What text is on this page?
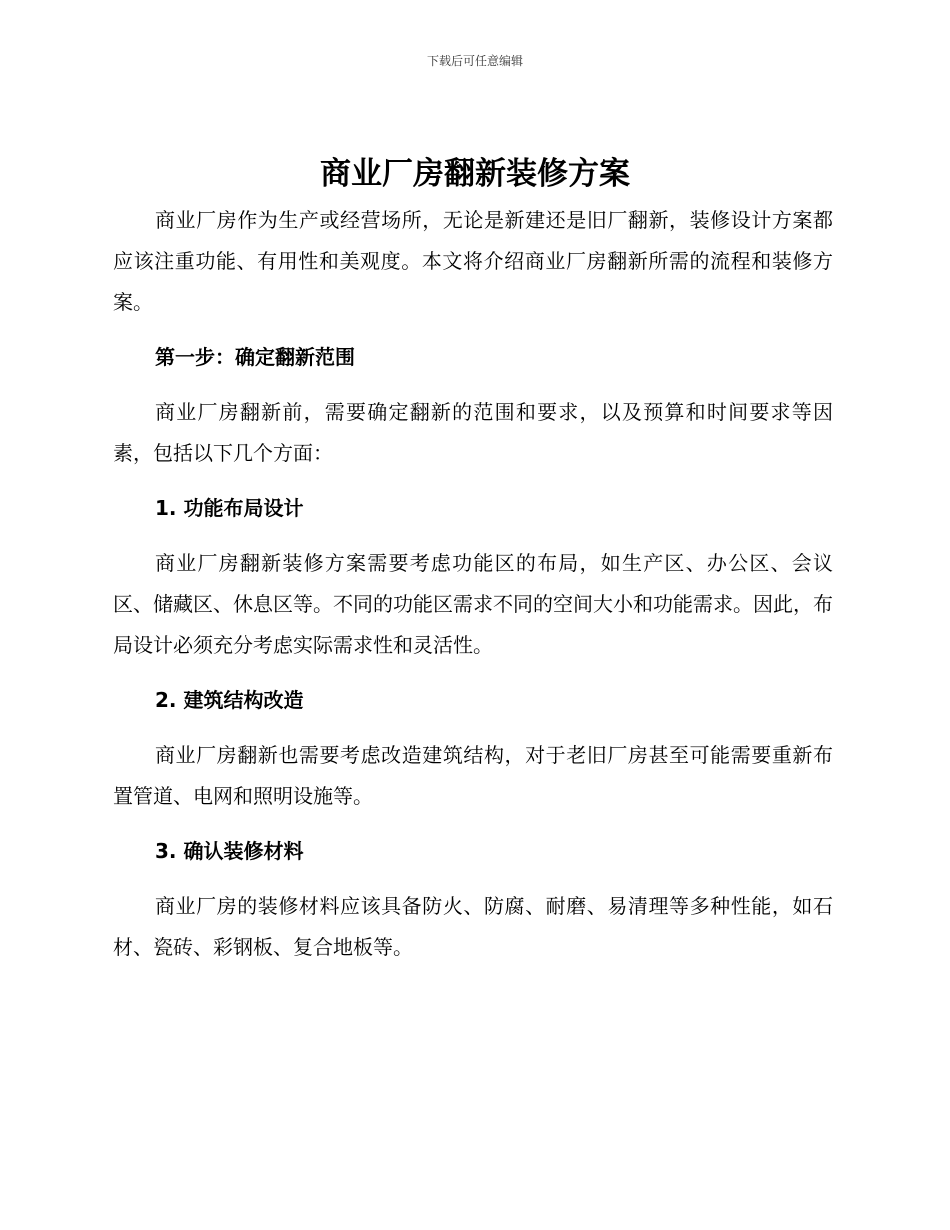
下载后可任意编辑
商业厂房翻新装修方案

商业厂房作为生产或经营场所，无论是新建还是旧厂翻新，装修设计方案都应该注重功能、有用性和美观度。本文将介绍商业厂房翻新所需的流程和装修方案。

第一步：确定翻新范围

商业厂房翻新前，需要确定翻新的范围和要求，以及预算和时间要求等因素，包括以下几个方面：

1. 功能布局设计

商业厂房翻新装修方案需要考虑功能区的布局，如生产区、办公区、会议区、储藏区、休息区等。不同的功能区需求不同的空间大小和功能需求。因此，布局设计必须充分考虑实际需求性和灵活性。

2. 建筑结构改造

商业厂房翻新也需要考虑改造建筑结构，对于老旧厂房甚至可能需要重新布置管道、电网和照明设施等。

3. 确认装修材料

商业厂房的装修材料应该具备防火、防腐、耐磨、易清理等多种性能，如石材、瓷砖、彩钢板、复合地板等。
